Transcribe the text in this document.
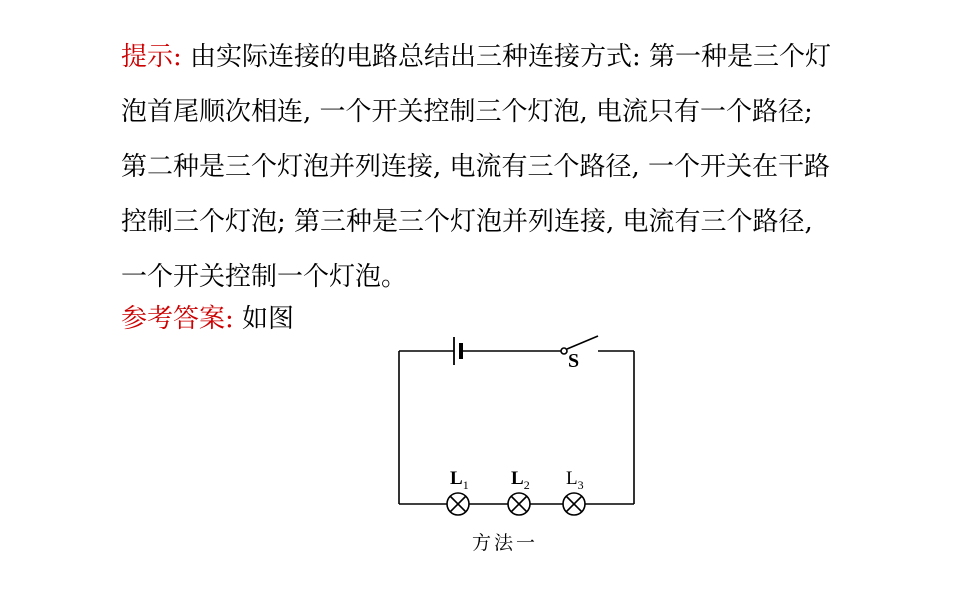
提示: 由实际连接的电路总结出三种连接方式: 第一种是三个灯
泡首尾顺次相连, 一个开关控制三个灯泡, 电流只有一个路径;
第二种是三个灯泡并列连接, 电流有三个路径, 一个开关在干路
控制三个灯泡; 第三种是三个灯泡并列连接, 电流有三个路径,
一个开关控制一个灯泡。
参考答案: 如图
S
$L_1$ $L_2$ $L_3$
方法一
